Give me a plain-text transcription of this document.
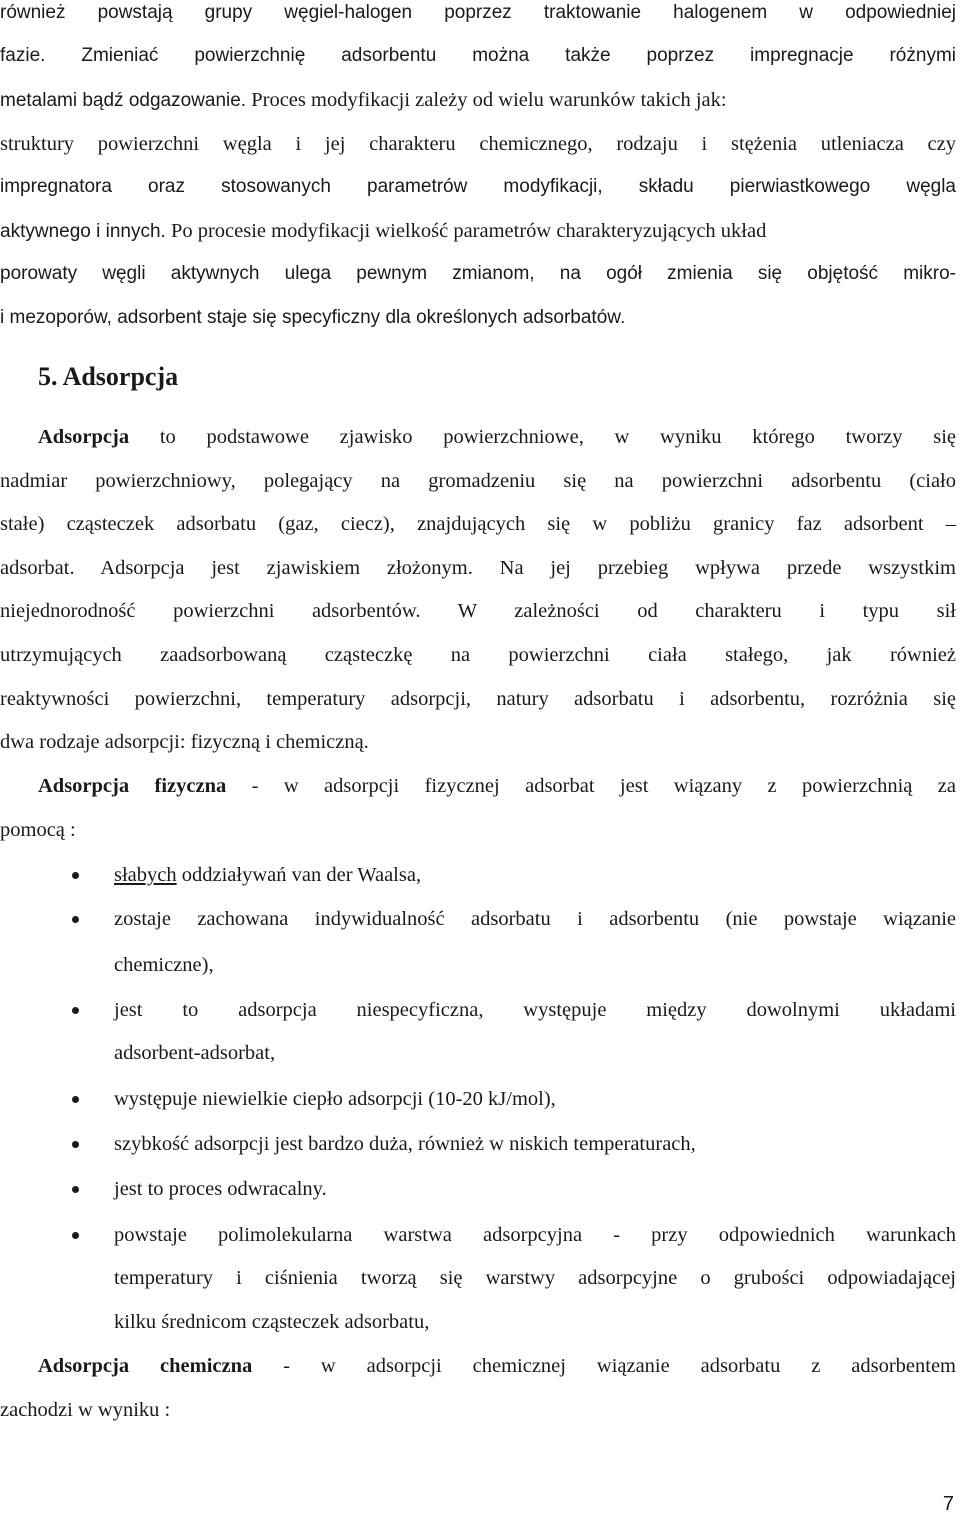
również powstają grupy węgiel-halogen poprzez traktowanie halogenem w odpowiedniej
fazie. Zmieniać powierzchnię adsorbentu można także poprzez impregnacje różnymi
metalami bądź odgazowanie. Proces modyfikacji zależy od wielu warunków takich jak:
struktury powierzchni węgla i jej charakteru chemicznego, rodzaju i stężenia utleniacza czy
impregnatora oraz stosowanych parametrów modyfikacji, składu pierwiastkowego węgla
aktywnego i innych. Po procesie modyfikacji wielkość parametrów charakteryzujących układ
porowaty węgli aktywnych ulega pewnym zmianom, na ogół zmienia się objętość mikro-
i mezoporów, adsorbent staje się specyficzny dla określonych adsorbatów.
5. Adsorpcja
Adsorpcja to podstawowe zjawisko powierzchniowe, w wyniku którego tworzy się
nadmiar powierzchniowy, polegający na gromadzeniu się na powierzchni adsorbentu (ciało
stałe) cząsteczek adsorbatu (gaz, ciecz), znajdujących się w pobliżu granicy faz adsorbent –
adsorbat. Adsorpcja jest zjawiskiem złożonym. Na jej przebieg wpływa przede wszystkim
niejednorodność powierzchni adsorbentów. W zależności od charakteru i typu sił
utrzymujących zaadsorbowaną cząsteczkę na powierzchni ciała stałego, jak również
reaktywności powierzchni, temperatury adsorpcji, natury adsorbatu i adsorbentu, rozróżnia się
dwa rodzaje adsorpcji: fizyczną i chemiczną.
Adsorpcja fizyczna - w adsorpcji fizycznej adsorbat jest wiązany z powierzchnią za
pomocą :
słabych oddziaływań van der Waalsa,
zostaje zachowana indywidualność adsorbatu i adsorbentu (nie powstaje wiązanie
chemiczne),
jest to adsorpcja niespecyficzna, występuje między dowolnymi układami
adsorbent-adsorbat,
występuje niewielkie ciepło adsorpcji (10-20 kJ/mol),
szybkość adsorpcji jest bardzo duża, również w niskich temperaturach,
jest to proces odwracalny.
powstaje polimolekularna warstwa adsorpcyjna - przy odpowiednich warunkach
temperatury i ciśnienia tworzą się warstwy adsorpcyjne o grubości odpowiadającej
kilku średnicom cząsteczek adsorbatu,
Adsorpcja chemiczna - w adsorpcji chemicznej wiązanie adsorbatu z adsorbentem
zachodzi w wyniku :
7
